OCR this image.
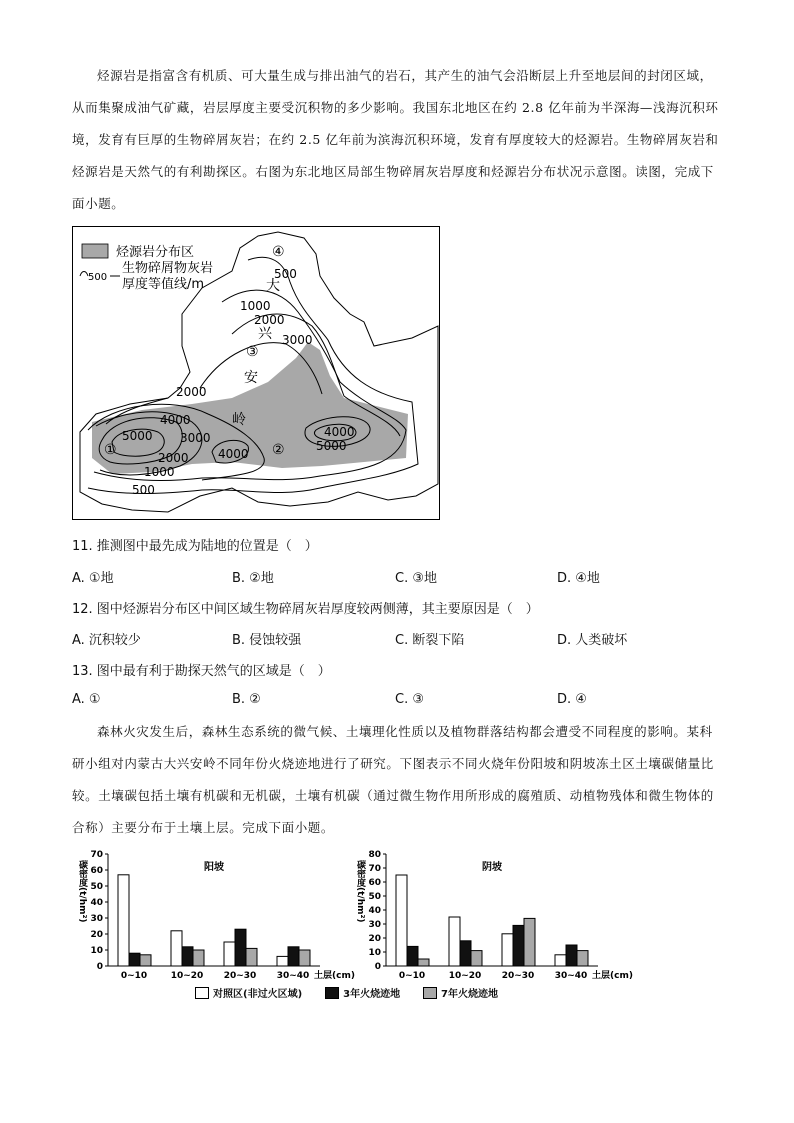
烃源岩是指富含有机质、可大量生成与排出油气的岩石，其产生的油气会沿断层上升至地层间的封闭区域，从而集聚成油气矿藏，岩层厚度主要受沉积物的多少影响。我国东北地区在约 2.8 亿年前为半深海—浅海沉积环境，发育有巨厚的生物碎屑灰岩；在约 2.5 亿年前为滨海沉积环境，发育有厚度较大的烃源岩。生物碎屑灰岩和烃源岩是天然气的有利勘探区。右图为东北地区局部生物碎屑灰岩厚度和烃源岩分布状况示意图。读图，完成下面小题。

烃源岩分布区
500
生物碎屑物灰岩
厚度等值线/m	大
兴
安
岭
④
③
①	②
500
1000
2000
3000
2000
4000
5000 3000
2000
1000
500
4000
4000
5000
11. 推测图中最先成为陆地的位置是（　）
A. ①地	B. ②地	C. ③地	D. ④地
12. 图中烃源岩分布区中间区域生物碎屑灰岩厚度较两侧薄，其主要原因是（　）
A. 沉积较少	B. 侵蚀较强	C. 断裂下陷	D. 人类破坏
13. 图中最有利于勘探天然气的区域是（　）
A. ①	B. ②	C. ③	D. ④

森林火灾发生后，森林生态系统的微气候、土壤理化性质以及植物群落结构都会遭受不同程度的影响。某科研小组对内蒙古大兴安岭不同年份火烧迹地进行了研究。下图表示不同火烧年份阳坡和阴坡冻土区土壤碳储量比较。土壤碳包括土壤有机碳和无机碳，土壤有机碳（通过微生物作用所形成的腐殖质、动植物残体和微生物体的合称）主要分布于土壤上层。完成下面小题。

0
10
20
30
40
50
60
70
碳密度(t/hm²)	阳坡
0~10	10~20 20~30 30~40 土层(cm)
0
10
20
30
40
50
60
70
80
碳密度(t/hm²)	阴坡
0~10	10~20 20~30 30~40 土层(cm)
对照区(非过火区域)	3年火烧迹地	7年火烧迹地
